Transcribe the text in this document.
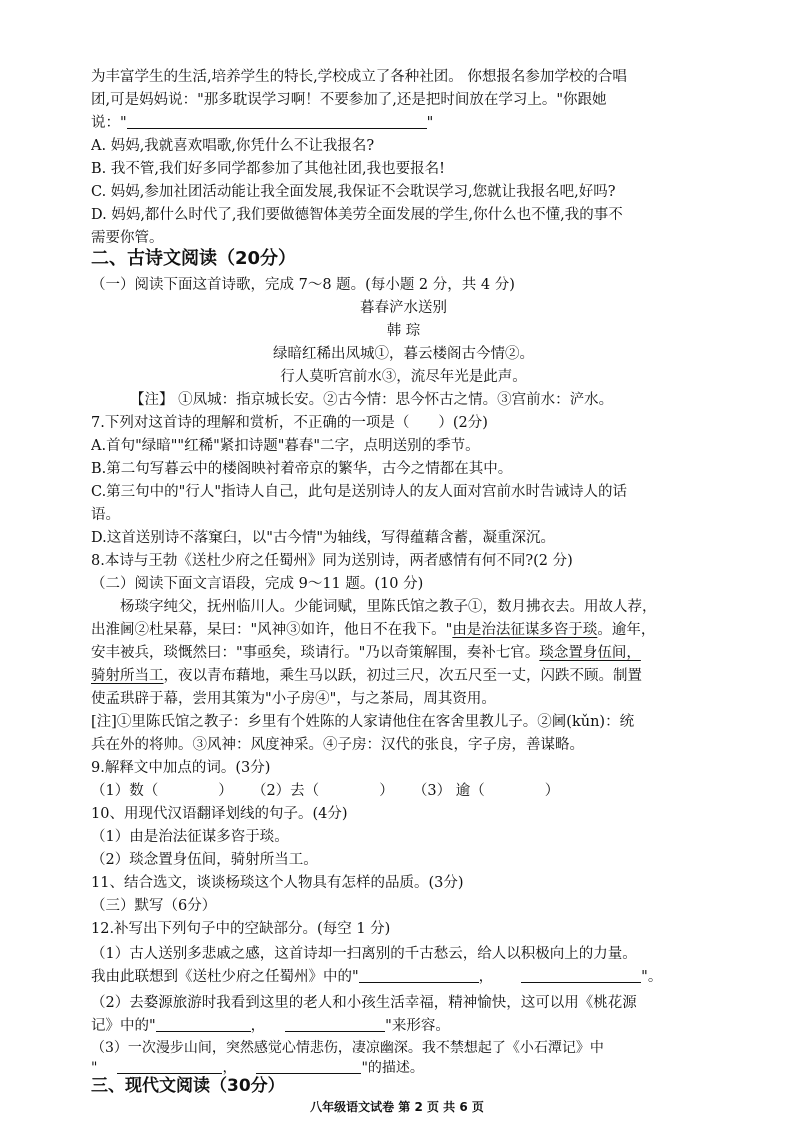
为丰富学生的生活,培养学生的特长,学校成立了各种社团。 你想报名参加学校的合唱
团,可是妈妈说："那多耽误学习啊！不要参加了,还是把时间放在学习上。"你跟她
说："	"
A. 妈妈,我就喜欢唱歌,你凭什么不让我报名?
B. 我不管,我们好多同学都参加了其他社团,我也要报名!
C. 妈妈,参加社团活动能让我全面发展,我保证不会耽误学习,您就让我报名吧,好吗?
D. 妈妈,都什么时代了,我们要做德智体美劳全面发展的学生,你什么也不懂,我的事不
需要你管。
二、古诗文阅读（20分）
（一）阅读下面这首诗歌，完成 7～8 题。(每小题 2 分，共 4 分)
暮春浐水送别
韩 琮
绿暗红稀出凤城①，暮云楼阁古今情②。
行人莫听宫前水③，流尽年光是此声。
【注】 ①凤城：指京城长安。②古今情：思今怀古之情。③宫前水：浐水。
7.下列对这首诗的理解和赏析，不正确的一项是（　　）(2分)
A.首句"绿暗""红稀"紧扣诗题"暮春"二字，点明送别的季节。
B.第二句写暮云中的楼阁映衬着帝京的繁华，古今之情都在其中。
C.第三句中的"行人"指诗人自己，此句是送别诗人的友人面对宫前水时告诫诗人的话
语。
D.这首送别诗不落窠臼，以"古今情"为轴线，写得蕴藉含蓄，凝重深沉。
8.本诗与王勃《送杜少府之任蜀州》同为送别诗，两者感情有何不同?(2 分)
（二）阅读下面文言语段，完成 9～11 题。(10 分)
　　杨琰字纯父，抚州临川人。少能词赋，里陈氏馆之教子①，数月拂衣去。用故人荐，
出淮阃②杜杲幕，杲曰："风神③如许，他日不在我下。"由是治法征谋多咨于琰。逾年，
安丰被兵，琰慨然曰："事亟矣，琰请行。"乃以奇策解围，奏补七官。琰念置身伍间，
骑射所当工，夜以青布藉地，乘生马以跃，初过三尺，次五尺至一丈，闪跌不顾。制置
使孟珙辟于幕，尝用其策为"小子房④"，与之茶局，周其资用。
[注]①里陈氏馆之教子：乡里有个姓陈的人家请他住在客舍里教儿子。②阃(kǔn)：统
兵在外的将帅。③风神：风度神采。④子房：汉代的张良，字子房，善谋略。
9.解释文中加点的词。(3分)
（1）数（	） （2）去（	） （3） 逾（	）
10、用现代汉语翻译划线的句子。(4分)
（1）由是治法征谋多咨于琰。
（2）琰念置身伍间，骑射所当工。
11、结合选文，谈谈杨琰这个人物具有怎样的品质。(3分)
（三）默写（6分）
12.补写出下列句子中的空缺部分。(每空 1 分)
（1）古人送别多悲戚之感，这首诗却一扫离别的千古愁云，给人以积极向上的力量。
我由此联想到《送杜少府之任蜀州》中的"	，	"。
（2）去婺源旅游时我看到这里的老人和小孩生活幸福，精神愉快，这可以用《桃花源
记》中的"	，	"来形容。
八年级语文试卷 第 2 页 共 6 页
（3）一次漫步山间，突然感觉心情悲伤，凄凉幽深。我不禁想起了《小石潭记》中
"	，	"的描述。
三、现代文阅读（30分）
